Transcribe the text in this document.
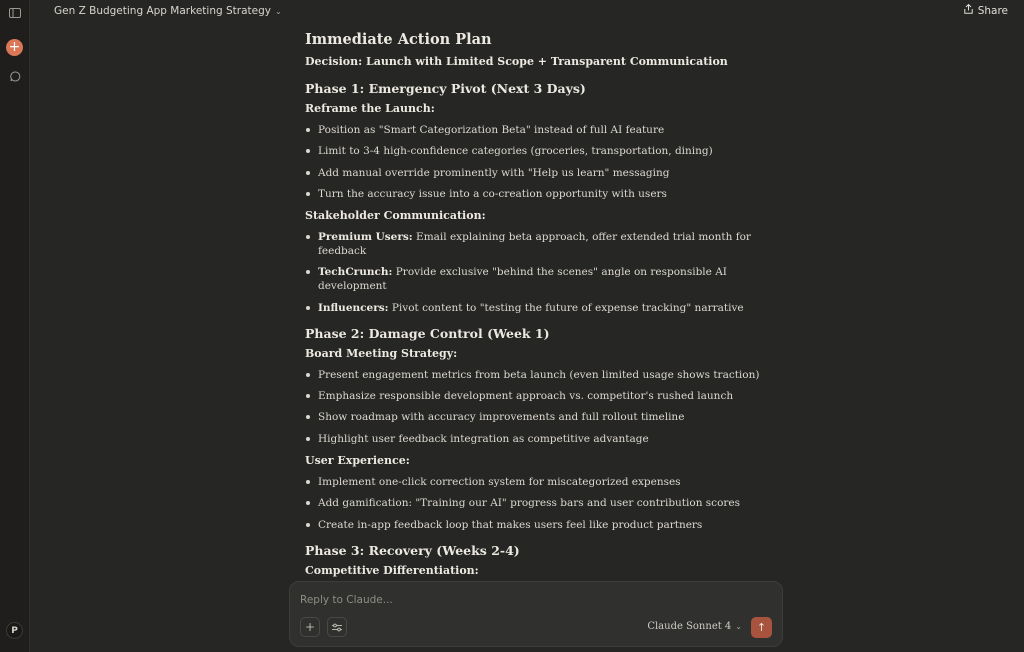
+
P
Gen Z Budgeting App Marketing Strategy ⌄	Share
Immediate Action Plan
Decision: Launch with Limited Scope + Transparent Communication
Phase 1: Emergency Pivot (Next 3 Days)
Reframe the Launch:
Position as "Smart Categorization Beta" instead of full AI feature
Limit to 3-4 high-confidence categories (groceries, transportation, dining)
Add manual override prominently with "Help us learn" messaging
Turn the accuracy issue into a co-creation opportunity with users
Stakeholder Communication:
Premium Users: Email explaining beta approach, offer extended trial month for feedback
TechCrunch: Provide exclusive "behind the scenes" angle on responsible AI development
Influencers: Pivot content to "testing the future of expense tracking" narrative
Phase 2: Damage Control (Week 1)
Board Meeting Strategy:
Present engagement metrics from beta launch (even limited usage shows traction)
Emphasize responsible development approach vs. competitor's rushed launch
Show roadmap with accuracy improvements and full rollout timeline
Highlight user feedback integration as competitive advantage
User Experience:
Implement one-click correction system for miscategorized expenses
Add gamification: "Training our AI" progress bars and user contribution scores
Create in-app feedback loop that makes users feel like product partners
Phase 3: Recovery (Weeks 2-4)
Competitive Differentiation:
Reply to Claude...
+	Claude Sonnet 4 ⌄ ↑
